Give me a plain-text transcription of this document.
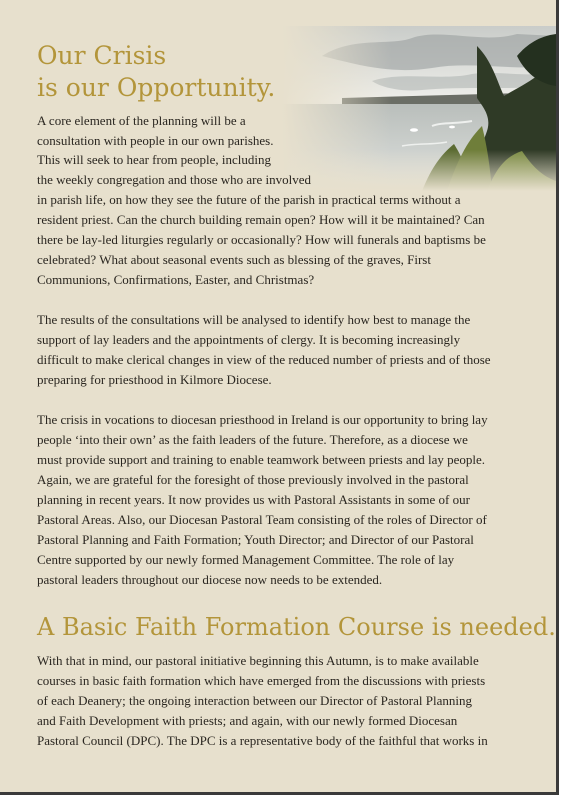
Our Crisis
is our Opportunity.
A core element of the planning will be a
consultation with people in our own parishes.
This will seek to hear from people, including
the weekly congregation and those who are involved
in parish life, on how they see the future of the parish in practical terms without a
resident priest. Can the church building remain open? How will it be maintained? Can
there be lay-led liturgies regularly or occasionally? How will funerals and baptisms be
celebrated? What about seasonal events such as blessing of the graves, First
Communions, Confirmations, Easter, and Christmas?
The results of the consultations will be analysed to identify how best to manage the
support of lay leaders and the appointments of clergy. It is becoming increasingly
difficult to make clerical changes in view of the reduced number of priests and of those
preparing for priesthood in Kilmore Diocese.
The crisis in vocations to diocesan priesthood in Ireland is our opportunity to bring lay
people ‘into their own’ as the faith leaders of the future. Therefore, as a diocese we
must provide support and training to enable teamwork between priests and lay people.
Again, we are grateful for the foresight of those previously involved in the pastoral
planning in recent years. It now provides us with Pastoral Assistants in some of our
Pastoral Areas. Also, our Diocesan Pastoral Team consisting of the roles of Director of
Pastoral Planning and Faith Formation; Youth Director; and Director of our Pastoral
Centre supported by our newly formed Management Committee. The role of lay
pastoral leaders throughout our diocese now needs to be extended.
A Basic Faith Formation Course is needed.
With that in mind, our pastoral initiative beginning this Autumn, is to make available
courses in basic faith formation which have emerged from the discussions with priests
of each Deanery; the ongoing interaction between our Director of Pastoral Planning
and Faith Development with priests; and again, with our newly formed Diocesan
Pastoral Council (DPC). The DPC is a representative body of the faithful that works in
